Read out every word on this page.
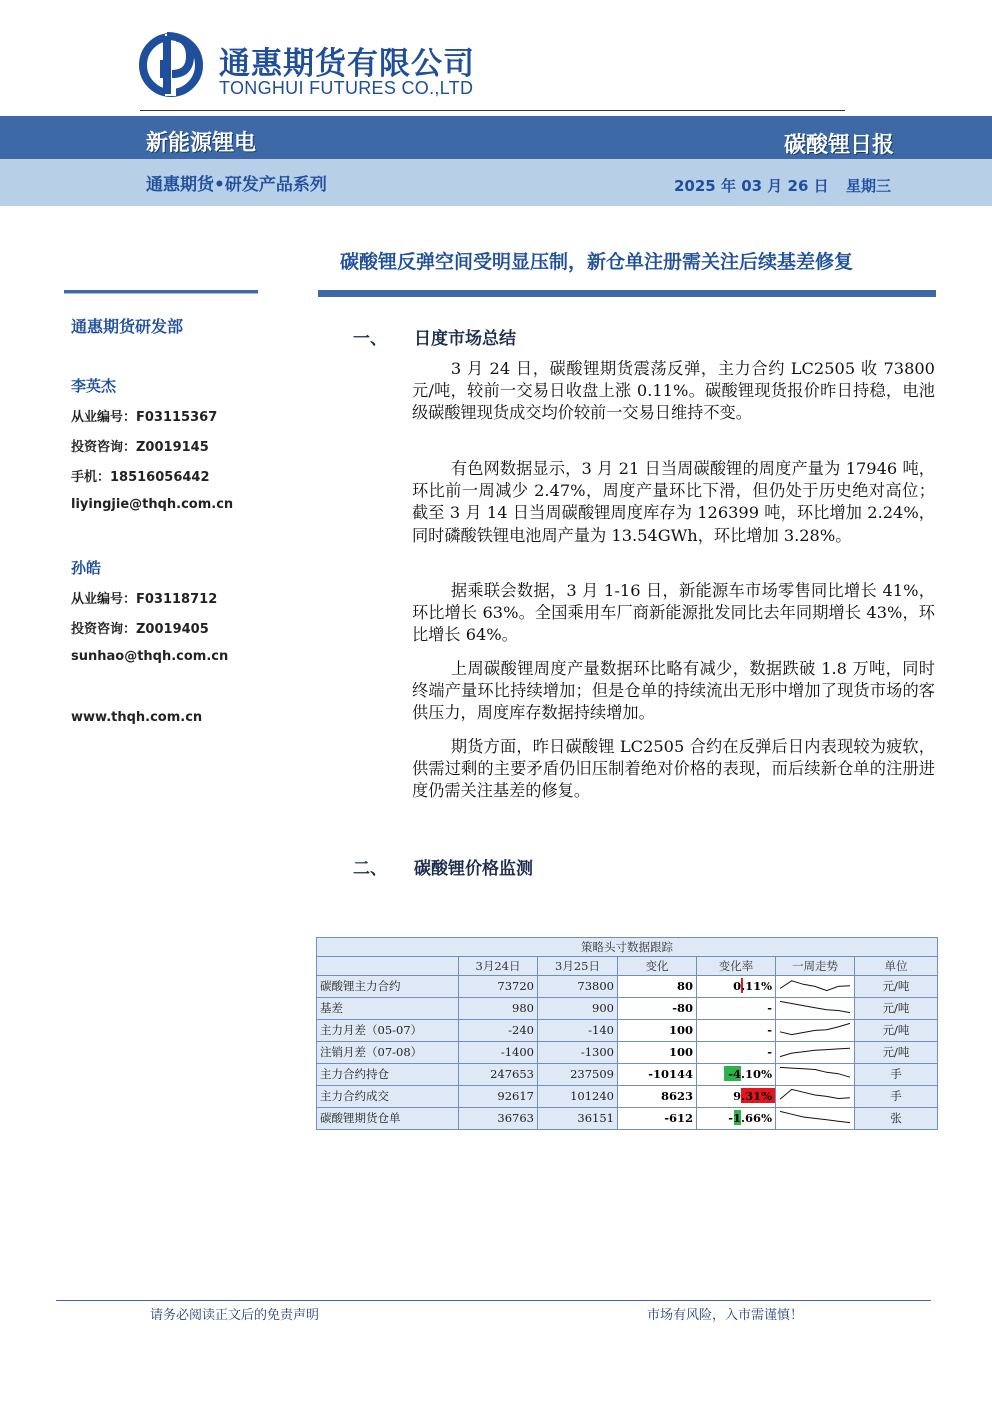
通惠期货有限公司
TONGHUI FUTURES CO.,LTD
新能源锂电	碳酸锂日报
通惠期货•研发产品系列	2025 年 03 月 26 日 星期三
碳酸锂反弹空间受明显压制，新仓单注册需关注后续基差修复
通惠期货研发部
李英杰
从业编号：F03115367
投资咨询：Z0019145
手机：18516056442
liyingjie@thqh.com.cn
孙皓
从业编号：F03118712
投资咨询：Z0019405
sunhao@thqh.com.cn
www.thqh.com.cn
一、 日度市场总结

3 月 24 日，碳酸锂期货震荡反弹，主力合约 LC2505 收 73800 元/吨，较前一交易日收盘上涨 0.11%。碳酸锂现货报价昨日持稳，电池级碳酸锂现货成交均价较前一交易日维持不变。

有色网数据显示，3 月 21 日当周碳酸锂的周度产量为 17946 吨，环比前一周减少 2.47%，周度产量环比下滑，但仍处于历史绝对高位；截至 3 月 14 日当周碳酸锂周度库存为 126399 吨，环比增加 2.24%，同时磷酸铁锂电池周产量为 13.54GWh，环比增加 3.28%。

据乘联会数据，3 月 1-16 日，新能源车市场零售同比增长 41%，环比增长 63%。全国乘用车厂商新能源批发同比去年同期增长 43%，环比增长 64%。

上周碳酸锂周度产量数据环比略有减少，数据跌破 1.8 万吨，同时终端产量环比持续增加；但是仓单的持续流出无形中增加了现货市场的客供压力，周度库存数据持续增加。

期货方面，昨日碳酸锂 LC2505 合约在反弹后日内表现较为疲软，供需过剩的主要矛盾仍旧压制着绝对价格的表现，而后续新仓单的注册进度仍需关注基差的修复。

二、 碳酸锂价格监测
策略头寸数据跟踪						
	3月24日	3月25日	变化	变化率	一周走势	单位
碳酸锂主力合约	73720	73800	80	0.11%		元/吨
基差	980	900	-80	-		元/吨
主力月差（05-07）	-240	-140	100	-		元/吨
注销月差（07-08）	-1400	-1300	100	-		元/吨
主力合约持仓	247653	237509	-10144	-4.10%		手
主力合约成交	92617	101240	8623	9.31%		手
碳酸锂期货仓单	36763	36151	-612	-1.66%		张
请务必阅读正文后的免责声明	市场有风险，入市需谨慎！
